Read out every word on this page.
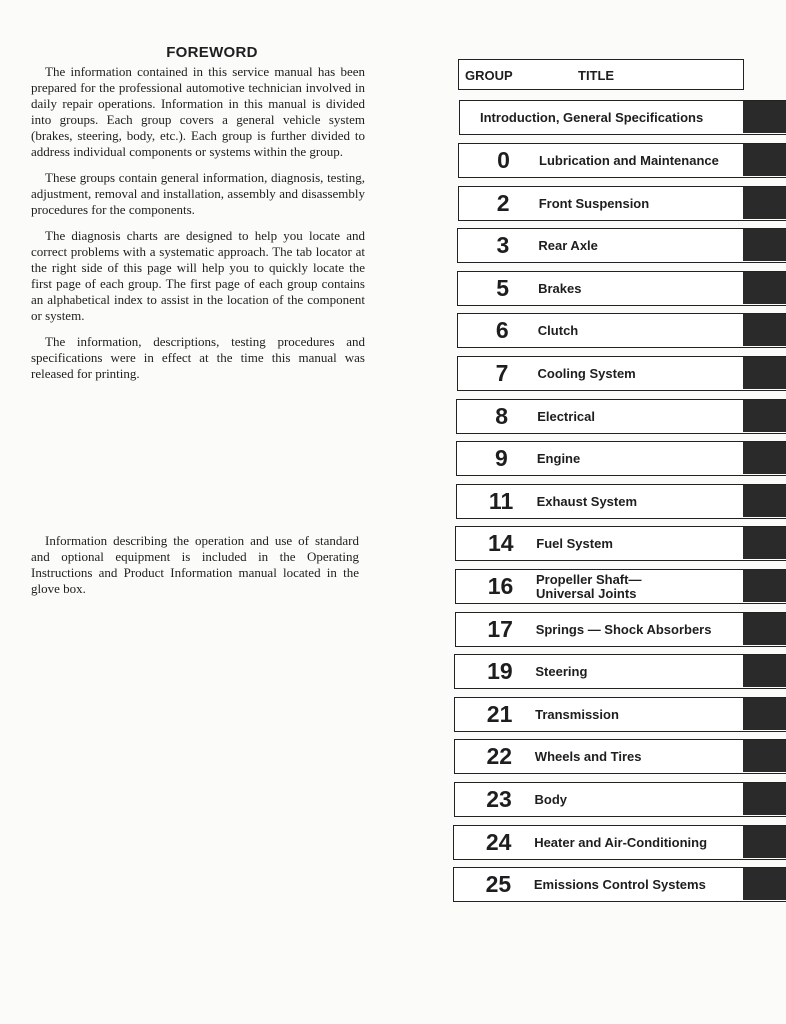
FOREWORD

The information contained in this service manual has been prepared for the professional automotive technician involved in daily repair operations. Information in this manual is divided into groups. Each group covers a general vehicle system (brakes, steering, body, etc.). Each group is further divided to address individual components or systems within the group.

These groups contain general information, diagnosis, testing, adjustment, removal and installation, assembly and disassembly procedures for the components.

The diagnosis charts are designed to help you locate and correct problems with a systematic approach. The tab locator at the right side of this page will help you to quickly locate the first page of each group. The first page of each group contains an alphabetical index to assist in the location of the component or system.

The information, descriptions, testing procedures and specifications were in effect at the time this manual was released for printing.

Information describing the operation and use of standard and optional equipment is included in the Operating Instructions and Product Information manual located in the glove box.

GROUP	TITLE
Introduction, General Specifications
0	Lubrication and Maintenance
2	Front Suspension
3	Rear Axle
5	Brakes
6	Clutch
7	Cooling System
8	Electrical
9	Engine
11	Exhaust System
14	Fuel System
16	Propeller Shaft—
Universal Joints
17	Springs — Shock Absorbers
19	Steering
21	Transmission
22	Wheels and Tires
23	Body
24	Heater and Air-Conditioning
25	Emissions Control Systems
